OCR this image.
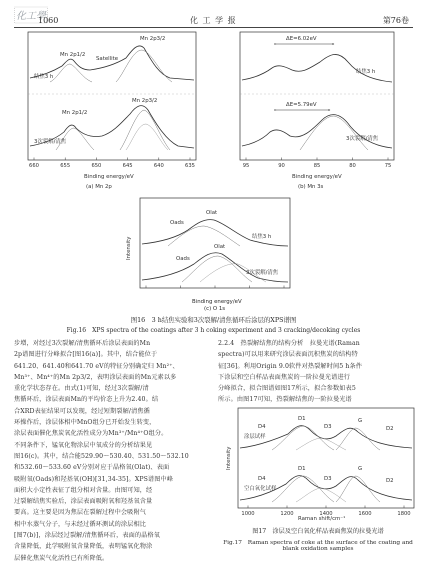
化工學
1060	化 工 学 报	第76卷
660	655	650	645	640	635
结焦3 h
3次裂解/清焦
Mn 2p1/2
Mn 2p3/2
Satellite
Mn 2p1/2
Mn 2p3/2
Binding energy/eV
(a) Mn 2p
95	90	85	80	75
ΔE=6.02eV
ΔE=5.79eV
结焦3 h
3次裂解/清焦
Binding energy/eV
(b) Mn 3s
Oads
Olat
Oads
Olat
结焦3 h
3次裂解/清焦
Intensity
Binding energy/eV
(c) O 1s
图16　3 h结焦实验和3次裂解/清焦循环后涂层的XPS谱图
Fig.16　XPS spectra of the coatings after 3 h coking experiment and 3 cracking/decoking cycles
步增，对经过3次裂解/清焦循环后涂层表面的Mn
2p谱图进行分峰拟合[图16(a)]。其中，结合能位于
641.20、641.40和641.70 eV的特征分别确定归 Mn²⁺、
Mn³⁺、Mn⁴⁺的Mn 2p3/2，表明涂层表面的Mn元素以多
重化学状态存在。由式(1)可知，经过3次裂解/清
焦循环后，涂层表面Mn的平均价态上升为2.40。结
合XRD表征结果可以发现，经过短期裂解/清焦循
环操作后，涂层体相中MnO组分已开始发生转变，
涂层表面催化焦炭氧化活性成分为Mn³⁺/Mn⁴⁺O组分。
不同条件下，锰氧化物涂层中氧成分的分析结果见
图16(c)。其中，结合能529.90～530.40、531.50～532.10
和532.60～533.60 eV分别对应于晶格氧(Olat)、表面
吸附氧(Oads)和羟基氧(OH)[31,34-35]。XPS谱图中峰
面积大小定性表征了组分相对含量。由图可知，经
过裂解结焦实验后，涂层表面吸附氧和羟基氧含量
要高。这主要是因为焦层在裂解过程中会吸附气
相中水蒸气分子，与未经过循环测试的涂层相比
[图7(b)]，涂层经过裂解/清焦循环后，表面的晶格氧
含量降低，此学吸附氧含量降低，表明锰氧化物涂
层催化焦炭气化活性已有所降低。
2.2.4　热裂解结焦的结构分析　拉曼光谱(Raman
spectra)可以用来研究涂层表面沉积焦炭的结构特
征[36]。利用Origin 9.0软件对热裂解时间5 h条件
下涂层和空白样品表面焦炭的一阶拉曼光谱进行
分峰拟合，拟合图谱如图17所示，拟合参数如表5
所示。由图17可知，热裂解结焦的一阶拉曼光谱
1000	1200	1400	1600	1800
D4
D1
D3
G
D2
涂层试样
D4
D1
D3
G
D2
空白氧化试样
Intensity
Raman shift/cm⁻¹
图17　涂层及空白氧化样品表面焦炭的拉曼光谱
Fig.17　Raman spectra of coke at the surface of the coating and
blank oxidation samples
